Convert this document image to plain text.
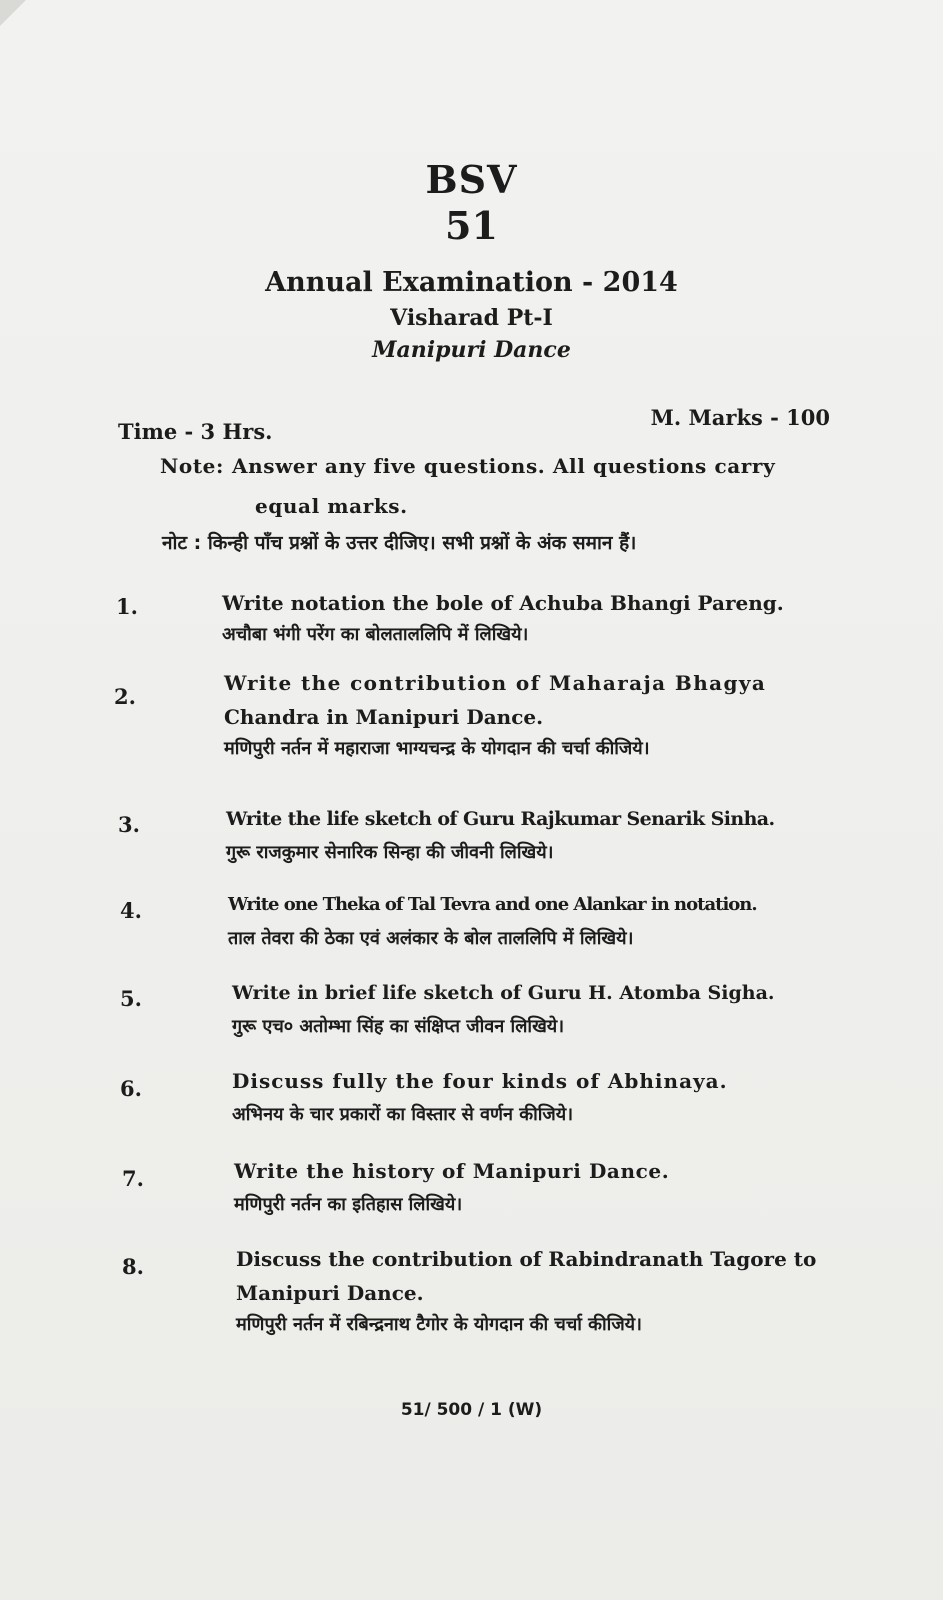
BSV
51
Annual Examination - 2014
Visharad Pt-I
Manipuri Dance
Time - 3 Hrs.
M. Marks - 100
Note: Answer any five questions. All questions carry
equal marks.
नोट : किन्ही पाँच प्रश्नों के उत्तर दीजिए। सभी प्रश्नों के अंक समान हैं।
1.	Write notation the bole of Achuba Bhangi Pareng.
अचौबा भंगी परेंग का बोलताललिपि में लिखिये।
2.
Write the contribution of Maharaja Bhagya
Chandra in Manipuri Dance.
मणिपुरी नर्तन में महाराजा भाग्यचन्द्र के योगदान की चर्चा कीजिये।
3.	Write the life sketch of Guru Rajkumar Senarik Sinha.
गुरू राजकुमार सेनारिक सिन्हा की जीवनी लिखिये।
4.	Write one Theka of Tal Tevra and one Alankar in notation.
ताल तेवरा की ठेका एवं अलंकार के बोल ताललिपि में लिखिये।
5.	Write in brief life sketch of Guru H. Atomba Sigha.
गुरू एच० अतोम्भा सिंह का संक्षिप्त जीवन लिखिये।
6.	Discuss fully the four kinds of Abhinaya.
अभिनय के चार प्रकारों का विस्तार से वर्णन कीजिये।
7.	Write the history of Manipuri Dance.
मणिपुरी नर्तन का इतिहास लिखिये।
8.	Discuss the contribution of Rabindranath Tagore to
Manipuri Dance.
मणिपुरी नर्तन में रबिन्द्रनाथ टैगोर के योगदान की चर्चा कीजिये।
51/ 500 / 1 (W)
